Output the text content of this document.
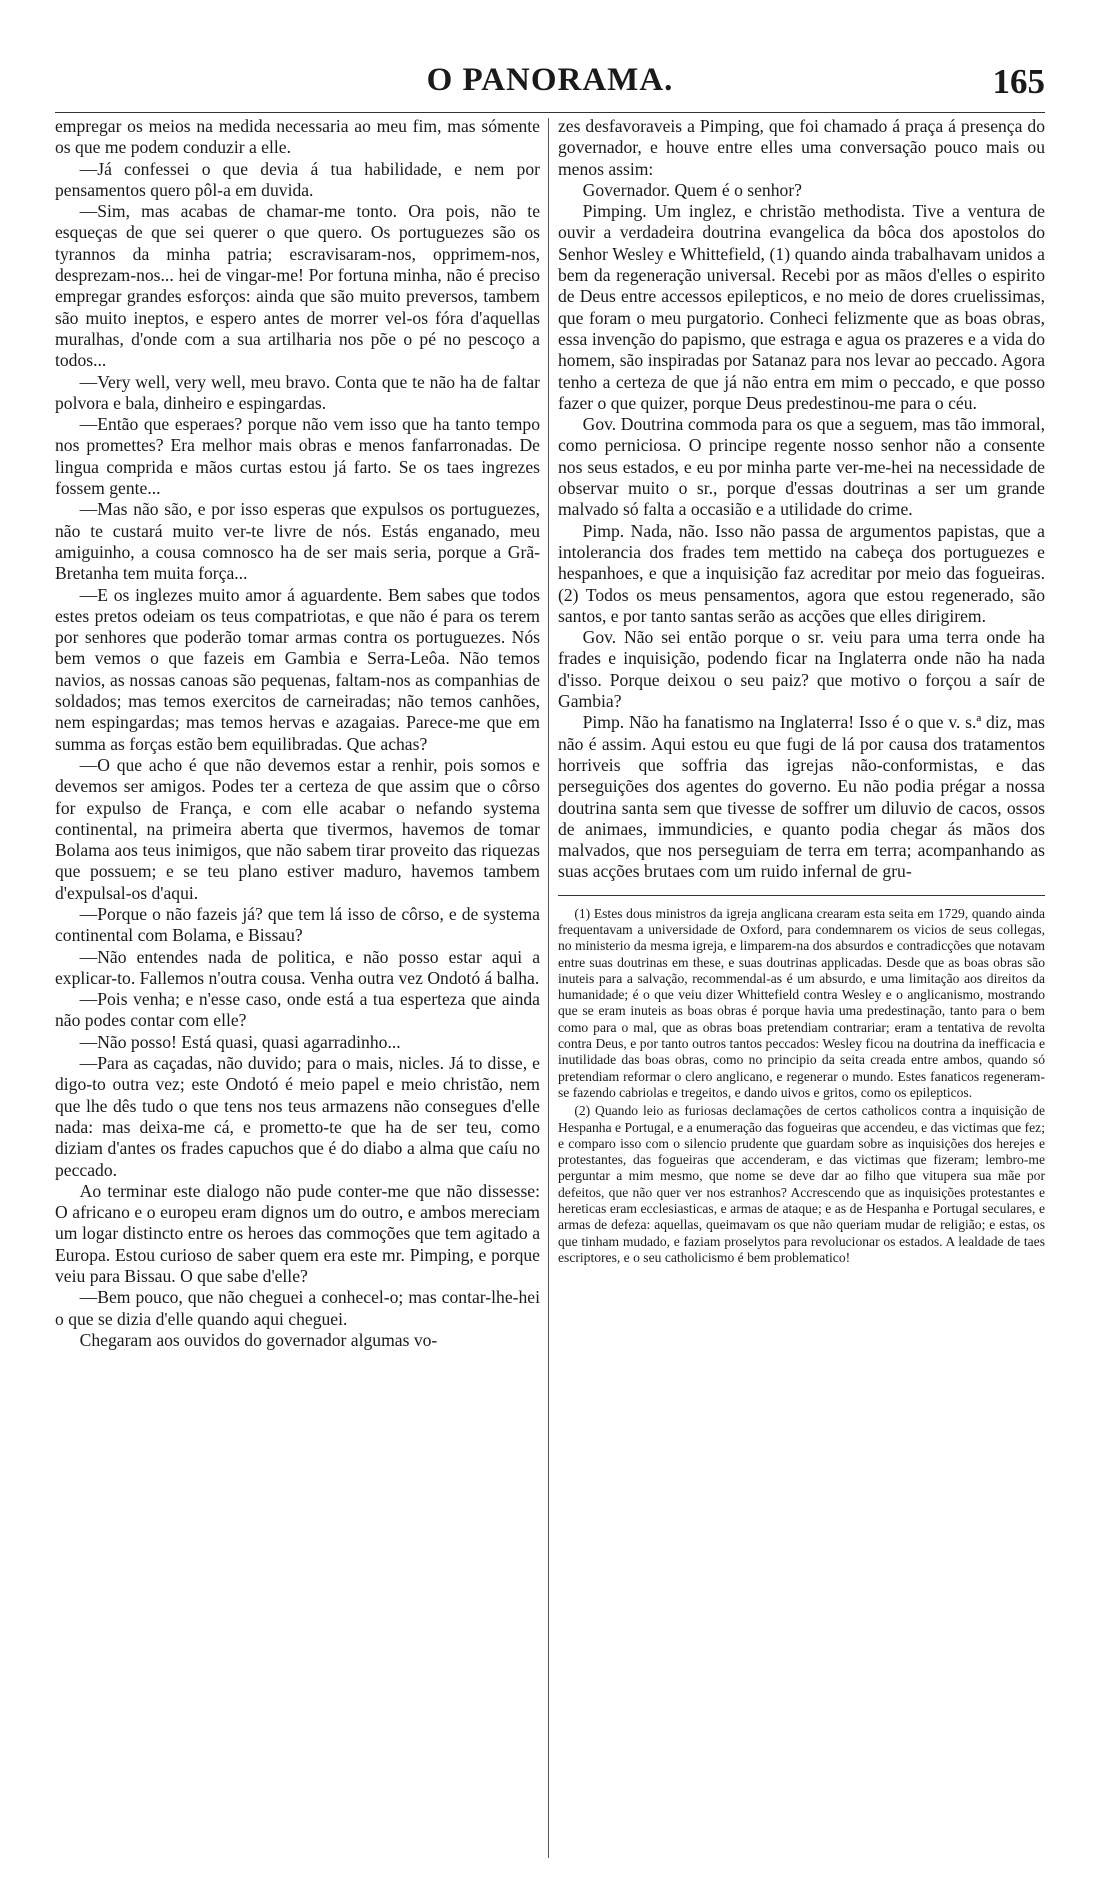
O PANORAMA.	165

empregar os meios na medida necessaria ao meu fim, mas sómente os que me podem conduzir a elle.

—Já confessei o que devia á tua habilidade, e nem por pensamentos quero pôl-a em duvida.

—Sim, mas acabas de chamar-me tonto. Ora pois, não te esqueças de que sei querer o que quero. Os portuguezes são os tyrannos da minha patria; escravisaram-nos, opprimem-nos, desprezam-nos... hei de vingar-me! Por fortuna minha, não é preciso empregar grandes esforços: ainda que são muito preversos, tambem são muito ineptos, e espero antes de morrer vel-os fóra d'aquellas muralhas, d'onde com a sua artilharia nos põe o pé no pescoço a todos...

—Very well, very well, meu bravo. Conta que te não ha de faltar polvora e bala, dinheiro e espingardas.

—Então que esperaes? porque não vem isso que ha tanto tempo nos promettes? Era melhor mais obras e menos fanfarronadas. De lingua comprida e mãos curtas estou já farto. Se os taes ingrezes fossem gente...

—Mas não são, e por isso esperas que expulsos os portuguezes, não te custará muito ver-te livre de nós. Estás enganado, meu amiguinho, a cousa comnosco ha de ser mais seria, porque a Grã-Bretanha tem muita força...

—E os inglezes muito amor á aguardente. Bem sabes que todos estes pretos odeiam os teus compatriotas, e que não é para os terem por senhores que poderão tomar armas contra os portuguezes. Nós bem vemos o que fazeis em Gambia e Serra-Leôa. Não temos navios, as nossas canoas são pequenas, faltam-nos as companhias de soldados; mas temos exercitos de carneiradas; não temos canhões, nem espingardas; mas temos hervas e azagaias. Parece-me que em summa as forças estão bem equilibradas. Que achas?

—O que acho é que não devemos estar a renhir, pois somos e devemos ser amigos. Podes ter a certeza de que assim que o côrso for expulso de França, e com elle acabar o nefando systema continental, na primeira aberta que tivermos, havemos de tomar Bolama aos teus inimigos, que não sabem tirar proveito das riquezas que possuem; e se teu plano estiver maduro, havemos tambem d'expulsal-os d'aqui.

—Porque o não fazeis já? que tem lá isso de côrso, e de systema continental com Bolama, e Bissau?

—Não entendes nada de politica, e não posso estar aqui a explicar-to. Fallemos n'outra cousa. Venha outra vez Ondotó á balha.

—Pois venha; e n'esse caso, onde está a tua esperteza que ainda não podes contar com elle?

—Não posso! Está quasi, quasi agarradinho...

—Para as caçadas, não duvido; para o mais, nicles. Já to disse, e digo-to outra vez; este Ondotó é meio papel e meio christão, nem que lhe dês tudo o que tens nos teus armazens não consegues d'elle nada: mas deixa-me cá, e prometto-te que ha de ser teu, como diziam d'antes os frades capuchos que é do diabo a alma que caíu no peccado.

Ao terminar este dialogo não pude conter-me que não dissesse: O africano e o europeu eram dignos um do outro, e ambos mereciam um logar distincto entre os heroes das commoções que tem agitado a Europa. Estou curioso de saber quem era este mr. Pimping, e porque veiu para Bissau. O que sabe d'elle?

—Bem pouco, que não cheguei a conhecel-o; mas contar-lhe-hei o que se dizia d'elle quando aqui cheguei.

Chegaram aos ouvidos do governador algumas vo-

zes desfavoraveis a Pimping, que foi chamado á praça á presença do governador, e houve entre elles uma conversação pouco mais ou menos assim:

Governador. Quem é o senhor?

Pimping. Um inglez, e christão methodista. Tive a ventura de ouvir a verdadeira doutrina evangelica da bôca dos apostolos do Senhor Wesley e Whittefield, (1) quando ainda trabalhavam unidos a bem da regeneração universal. Recebi por as mãos d'elles o espirito de Deus entre accessos epilepticos, e no meio de dores cruelissimas, que foram o meu purgatorio. Conheci felizmente que as boas obras, essa invenção do papismo, que estraga e agua os prazeres e a vida do homem, são inspiradas por Satanaz para nos levar ao peccado. Agora tenho a certeza de que já não entra em mim o peccado, e que posso fazer o que quizer, porque Deus predestinou-me para o céu.

Gov. Doutrina commoda para os que a seguem, mas tão immoral, como perniciosa. O principe regente nosso senhor não a consente nos seus estados, e eu por minha parte ver-me-hei na necessidade de observar muito o sr., porque d'essas doutrinas a ser um grande malvado só falta a occasião e a utilidade do crime.

Pimp. Nada, não. Isso não passa de argumentos papistas, que a intolerancia dos frades tem mettido na cabeça dos portuguezes e hespanhoes, e que a inquisição faz acreditar por meio das fogueiras. (2) Todos os meus pensamentos, agora que estou regenerado, são santos, e por tanto santas serão as acções que elles dirigirem.

Gov. Não sei então porque o sr. veiu para uma terra onde ha frades e inquisição, podendo ficar na Inglaterra onde não ha nada d'isso. Porque deixou o seu paiz? que motivo o forçou a saír de Gambia?

Pimp. Não ha fanatismo na Inglaterra! Isso é o que v. s.ª diz, mas não é assim. Aqui estou eu que fugi de lá por causa dos tratamentos horriveis que soffria das igrejas não-conformistas, e das perseguições dos agentes do governo. Eu não podia prégar a nossa doutrina santa sem que tivesse de soffrer um diluvio de cacos, ossos de animaes, immundicies, e quanto podia chegar ás mãos dos malvados, que nos perseguiam de terra em terra; acompanhando as suas acções brutaes com um ruido infernal de gru-

(1) Estes dous ministros da igreja anglicana crearam esta seita em 1729, quando ainda frequentavam a universidade de Oxford, para condemnarem os vicios de seus collegas, no ministerio da mesma igreja, e limparem-na dos absurdos e contradicções que notavam entre suas doutrinas em these, e suas doutrinas applicadas. Desde que as boas obras são inuteis para a salvação, recommendal-as é um absurdo, e uma limitação aos direitos da humanidade; é o que veiu dizer Whittefield contra Wesley e o anglicanismo, mostrando que se eram inuteis as boas obras é porque havia uma predestinação, tanto para o bem como para o mal, que as obras boas pretendiam contrariar; eram a tentativa de revolta contra Deus, e por tanto outros tantos peccados: Wesley ficou na doutrina da inefficacia e inutilidade das boas obras, como no principio da seita creada entre ambos, quando só pretendiam reformar o clero anglicano, e regenerar o mundo. Estes fanaticos regeneram-se fazendo cabriolas e tregeitos, e dando uivos e gritos, como os epilepticos.

(2) Quando leio as furiosas declamações de certos catholicos contra a inquisição de Hespanha e Portugal, e a enumeração das fogueiras que accendeu, e das victimas que fez; e comparo isso com o silencio prudente que guardam sobre as inquisições dos herejes e protestantes, das fogueiras que accenderam, e das victimas que fizeram; lembro-me perguntar a mim mesmo, que nome se deve dar ao filho que vitupera sua mãe por defeitos, que não quer ver nos estranhos? Accrescendo que as inquisições protestantes e hereticas eram ecclesiasticas, e armas de ataque; e as de Hespanha e Portugal seculares, e armas de defeza: aquellas, queimavam os que não queriam mudar de religião; e estas, os que tinham mudado, e faziam proselytos para revolucionar os estados. A lealdade de taes escriptores, e o seu catholicismo é bem problematico!
